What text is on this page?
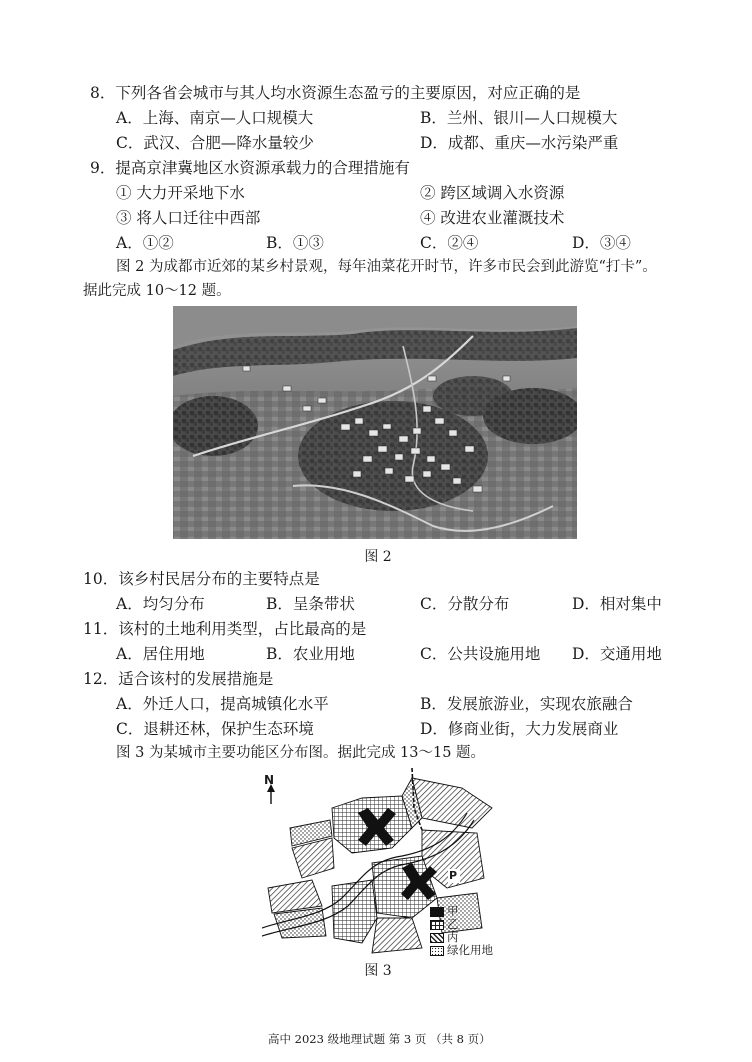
8．下列各省会城市与其人均水资源生态盈亏的主要原因，对应正确的是
A．上海、南京—人口规模大	B．兰州、银川—人口规模大
C．武汉、合肥—降水量较少	D．成都、重庆—水污染严重
9．提高京津冀地区水资源承载力的合理措施有
① 大力开采地下水	② 跨区域调入水资源
③ 将人口迁往中西部	④ 改进农业灌溉技术
A．①②	B．①③	C．②④	D．③④
图 2 为成都市近郊的某乡村景观，每年油菜花开时节，许多市民会到此游览“打卡”。
据此完成 10～12 题。
图 2
10．该乡村民居分布的主要特点是
A．均匀分布	B．呈条带状	C．分散分布	D．相对集中
11．该村的土地利用类型，占比最高的是
A．居住用地	B．农业用地	C．公共设施用地 D．交通用地
12．适合该村的发展措施是
A．外迁人口，提高城镇化水平	B．发展旅游业，实现农旅融合
C．退耕还林，保护生态环境	D．修商业街，大力发展商业
图 3 为某城市主要功能区分布图。据此完成 13～15 题。
N
P
甲
乙
丙
绿化用地
图 3
高中 2023 级地理试题 第 3 页 （共 8 页）
